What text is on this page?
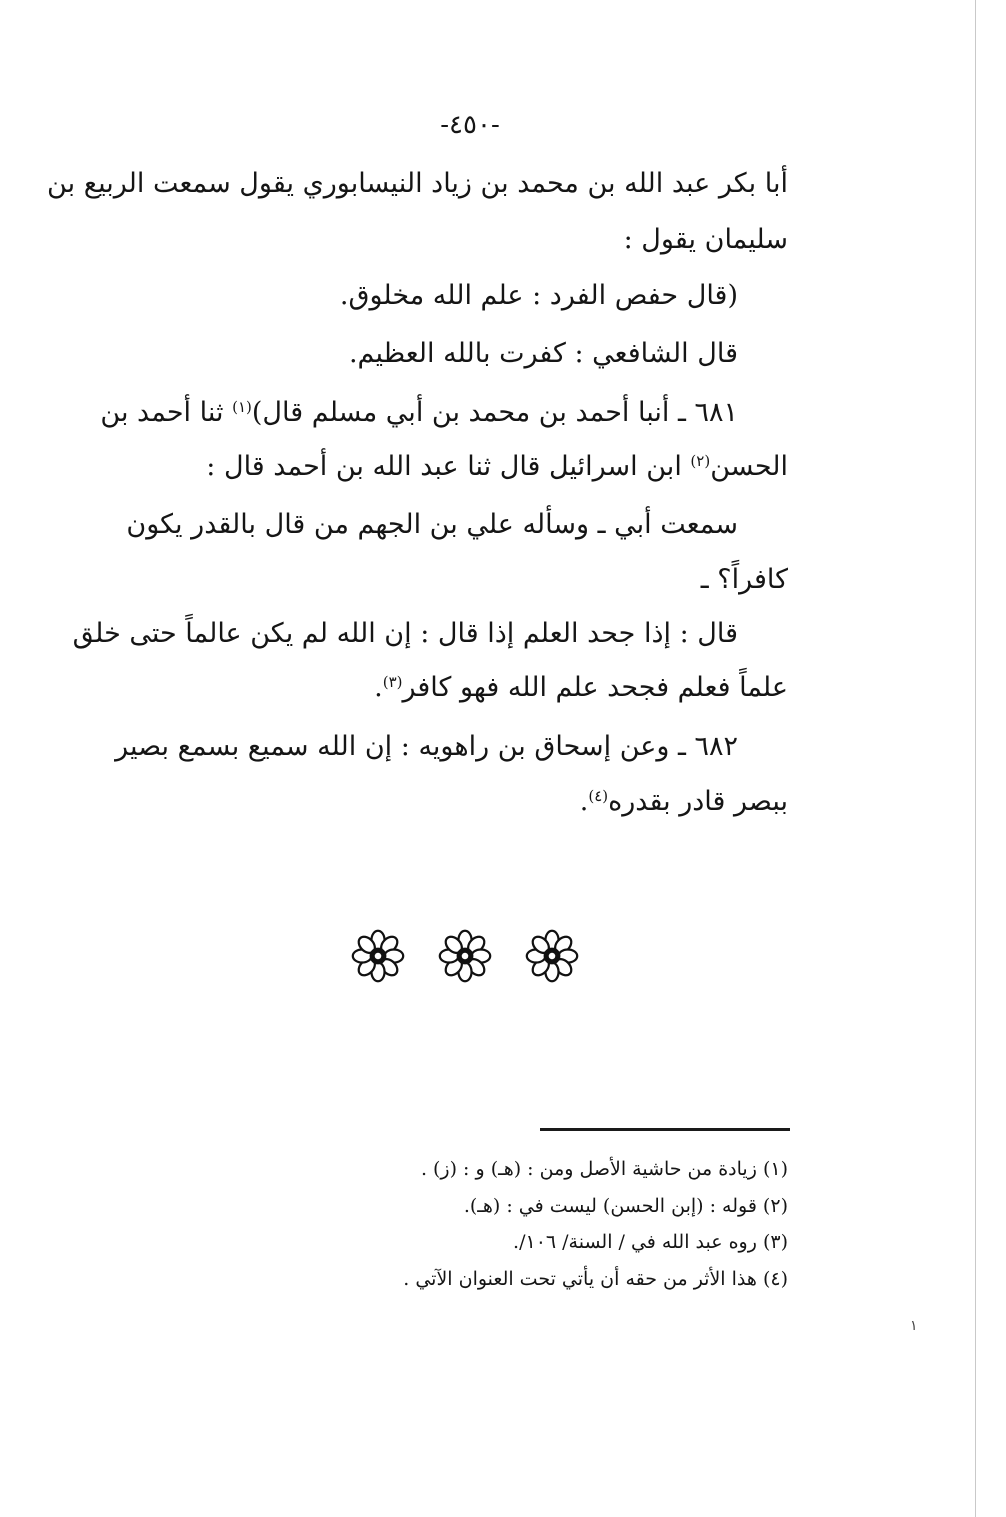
١
-٤٥٠-
أبا بكر عبد الله بن محمد بن زياد النيسابوري يقول سمعت الربيع بن
سليمان يقول :
(قال حفص الفرد : علم الله مخلوق.
قال الشافعي : كفرت بالله العظيم.
٦٨١ ـ أنبا أحمد بن محمد بن أبي مسلم قال)$^{(١)}$ ثنا أحمد بن
الحسن$^{(٢)}$ ابن اسرائيل قال ثنا عبد الله بن أحمد قال :
سمعت أبي ـ وسأله علي بن الجهم من قال بالقدر يكون
كافراً؟ ـ
قال : إذا جحد العلم إذا قال : إن الله لم يكن عالماً حتى خلق
علماً فعلم فجحد علم الله فهو كافر$^{(٣)}$.
٦٨٢ ـ وعن إسحاق بن راهويه : إن الله سميع بسمع بصير
ببصر قادر بقدره$^{(٤)}$.
(١) زيادة من حاشية الأصل ومن : (هـ) و : (ز) .
(٢) قوله : (إبن الحسن) ليست في : (هـ).
(٣) روه عبد الله في / السنة/ ١٠٦/.
(٤) هذا الأثر من حقه أن يأتي تحت العنوان الآتي .
